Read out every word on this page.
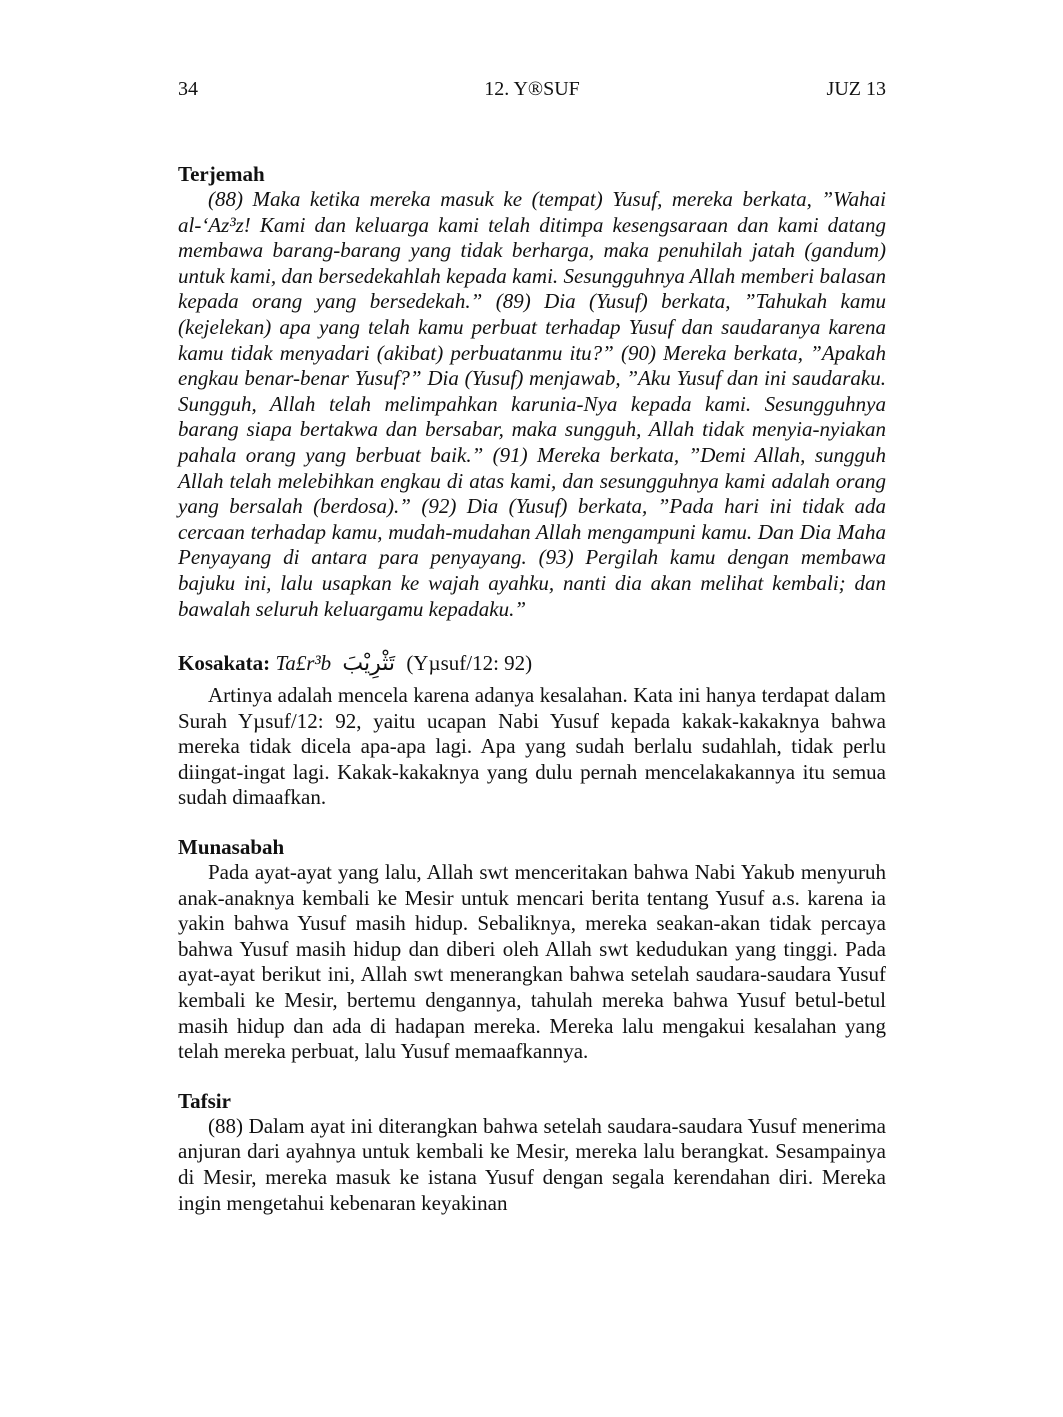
34	12. Y®SUF	JUZ 13
Terjemah

(88) Maka ketika mereka masuk ke (tempat) Yusuf, mereka berkata, ”Wahai al-‘Az³z! Kami dan keluarga kami telah ditimpa kesengsaraan dan kami datang membawa barang-barang yang tidak berharga, maka penuhilah jatah (gandum) untuk kami, dan bersedekahlah kepada kami. Sesungguhnya Allah memberi balasan kepada orang yang bersedekah.” (89) Dia (Yusuf) berkata, ”Tahukah kamu (kejelekan) apa yang telah kamu perbuat terhadap Yusuf dan saudaranya karena kamu tidak menyadari (akibat) perbuatanmu itu?” (90) Mereka berkata, ”Apakah engkau benar-benar Yusuf?” Dia (Yusuf) menjawab, ”Aku Yusuf dan ini saudaraku. Sungguh, Allah telah melimpahkan karunia-Nya kepada kami. Sesungguhnya barang siapa bertakwa dan bersabar, maka sungguh, Allah tidak menyia-nyiakan pahala orang yang berbuat baik.” (91) Mereka berkata, ”Demi Allah, sungguh Allah telah melebihkan engkau di atas kami, dan sesungguhnya kami adalah orang yang bersalah (berdosa).” (92) Dia (Yusuf) berkata, ”Pada hari ini tidak ada cercaan terhadap kamu, mudah-mudahan Allah mengampuni kamu. Dan Dia Maha Penyayang di antara para penyayang. (93) Pergilah kamu dengan membawa bajuku ini, lalu usapkan ke wajah ayahku, nanti dia akan melihat kembali; dan bawalah seluruh keluargamu kepadaku.”

Kosakata: Ta£r³b تَثْرِيْبَ (Yµsuf/12: 92)

Artinya adalah mencela karena adanya kesalahan. Kata ini hanya terdapat dalam Surah Yµsuf/12: 92, yaitu ucapan Nabi Yusuf kepada kakak-kakaknya bahwa mereka tidak dicela apa-apa lagi. Apa yang sudah berlalu sudahlah, tidak perlu diingat-ingat lagi. Kakak-kakaknya yang dulu pernah mencelakakannya itu semua sudah dimaafkan.

Munasabah

Pada ayat-ayat yang lalu, Allah swt menceritakan bahwa Nabi Yakub menyuruh anak-anaknya kembali ke Mesir untuk mencari berita tentang Yusuf a.s. karena ia yakin bahwa Yusuf masih hidup. Sebaliknya, mereka seakan-akan tidak percaya bahwa Yusuf masih hidup dan diberi oleh Allah swt kedudukan yang tinggi. Pada ayat-ayat berikut ini, Allah swt menerangkan bahwa setelah saudara-saudara Yusuf kembali ke Mesir, bertemu dengannya, tahulah mereka bahwa Yusuf betul-betul masih hidup dan ada di hadapan mereka. Mereka lalu mengakui kesalahan yang telah mereka perbuat, lalu Yusuf memaafkannya.

Tafsir

(88) Dalam ayat ini diterangkan bahwa setelah saudara-saudara Yusuf menerima anjuran dari ayahnya untuk kembali ke Mesir, mereka lalu berangkat. Sesampainya di Mesir, mereka masuk ke istana Yusuf dengan segala kerendahan diri. Mereka ingin mengetahui kebenaran keyakinan
